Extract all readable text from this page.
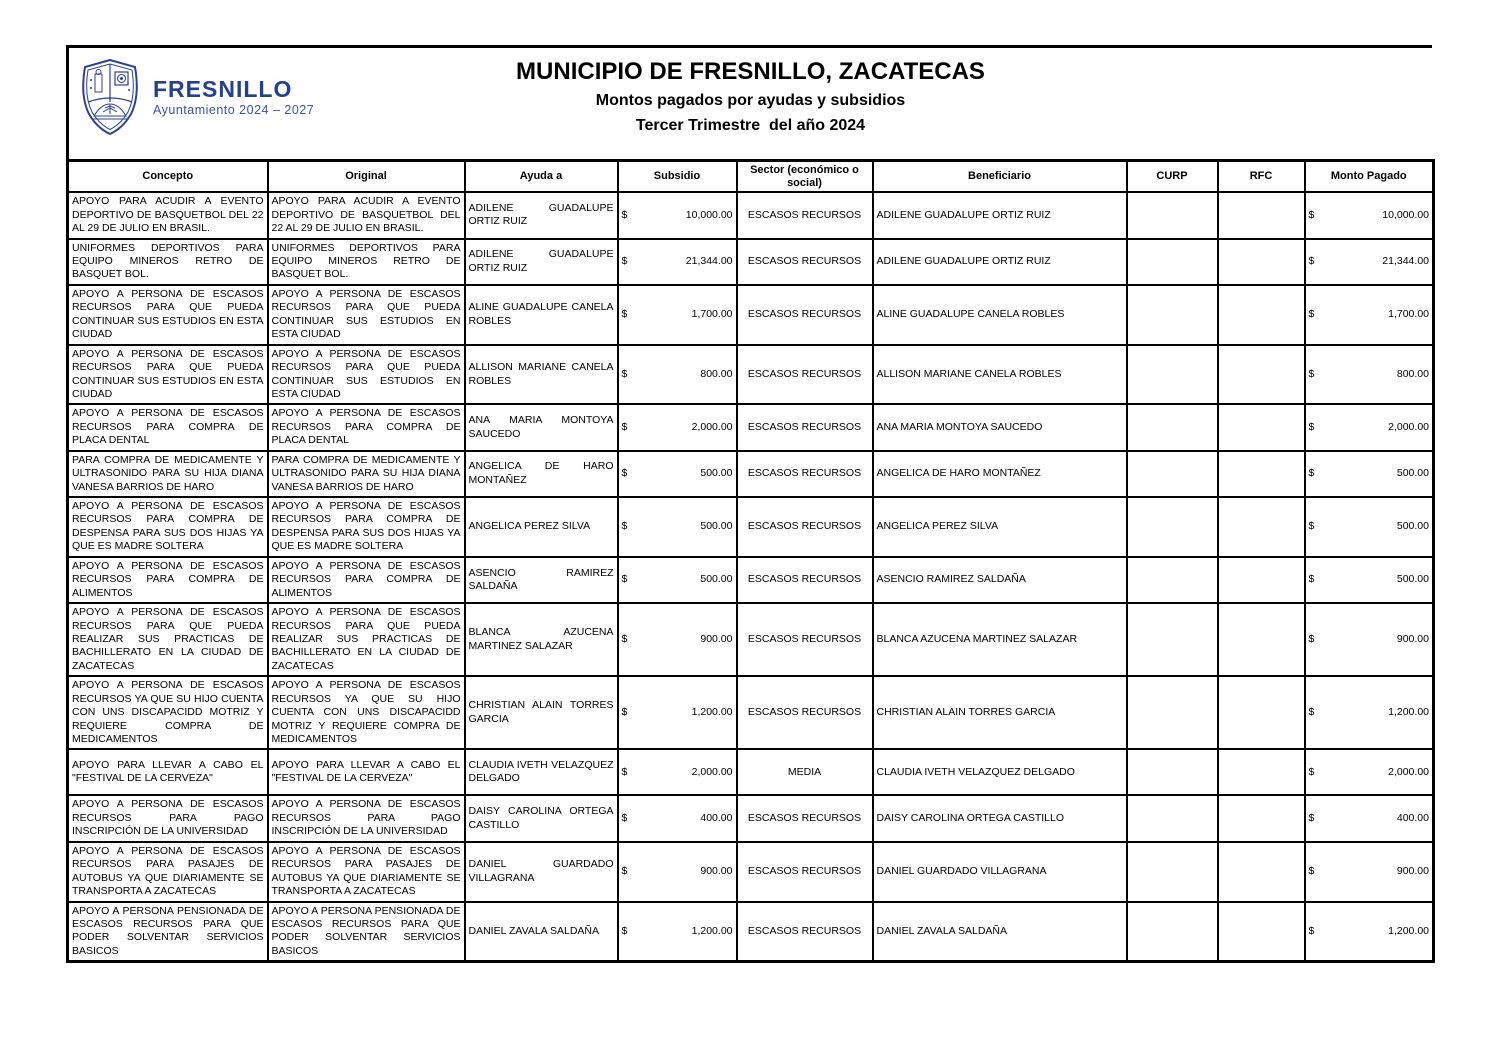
FRESNILLO
Ayuntamiento 2024 – 2027
MUNICIPIO DE FRESNILLO, ZACATECAS
Montos pagados por ayudas y subsidios
Tercer Trimestre  del año 2024
Concepto	Original	Ayuda a	Subsidio	Sector (económico o social)	Beneficiario	CURP	RFC	Monto Pagado
APOYO PARA ACUDIR A EVENTO DEPORTIVO DE BASQUETBOL DEL 22 AL 29 DE JULIO EN BRASIL.	APOYO PARA ACUDIR A EVENTO DEPORTIVO DE BASQUETBOL DEL 22 AL 29 DE JULIO EN BRASIL.	ADILENE GUADALUPE ORTIZ RUIZ	$ 10,000.00	ESCASOS RECURSOS	ADILENE GUADALUPE ORTIZ RUIZ			$ 10,000.00

UNIFORMES DEPORTIVOS PARA EQUIPO MINEROS RETRO DE BASQUET BOL.	UNIFORMES DEPORTIVOS PARA EQUIPO MINEROS RETRO DE BASQUET BOL.	ADILENE GUADALUPE ORTIZ RUIZ	$ 21,344.00	ESCASOS RECURSOS	ADILENE GUADALUPE ORTIZ RUIZ			$ 21,344.00

APOYO A PERSONA DE ESCASOS RECURSOS PARA QUE PUEDA CONTINUAR SUS ESTUDIOS EN ESTA CIUDAD	APOYO A PERSONA DE ESCASOS RECURSOS PARA QUE PUEDA CONTINUAR SUS ESTUDIOS EN ESTA CIUDAD	ALINE GUADALUPE CANELA ROBLES	$ 1,700.00	ESCASOS RECURSOS	ALINE GUADALUPE CANELA ROBLES			$ 1,700.00

APOYO A PERSONA DE ESCASOS RECURSOS PARA QUE PUEDA CONTINUAR SUS ESTUDIOS EN ESTA CIUDAD	APOYO A PERSONA DE ESCASOS RECURSOS PARA QUE PUEDA CONTINUAR SUS ESTUDIOS EN ESTA CIUDAD	ALLISON MARIANE CANELA ROBLES	$ 800.00	ESCASOS RECURSOS	ALLISON MARIANE CANELA ROBLES			$ 800.00

APOYO A PERSONA DE ESCASOS RECURSOS PARA COMPRA DE PLACA DENTAL	APOYO A PERSONA DE ESCASOS RECURSOS PARA COMPRA DE PLACA DENTAL	ANA MARIA MONTOYA SAUCEDO	$ 2,000.00	ESCASOS RECURSOS	ANA MARIA MONTOYA SAUCEDO			$ 2,000.00

PARA COMPRA DE MEDICAMENTE Y ULTRASONIDO PARA SU HIJA DIANA VANESA BARRIOS DE HARO	PARA COMPRA DE MEDICAMENTE Y ULTRASONIDO PARA SU HIJA DIANA VANESA BARRIOS DE HARO	ANGELICA DE HARO MONTAÑEZ	$ 500.00	ESCASOS RECURSOS	ANGELICA DE HARO MONTAÑEZ			$ 500.00

APOYO A PERSONA DE ESCASOS RECURSOS PARA COMPRA DE DESPENSA PARA SUS DOS HIJAS YA QUE ES MADRE SOLTERA	APOYO A PERSONA DE ESCASOS RECURSOS PARA COMPRA DE DESPENSA PARA SUS DOS HIJAS YA QUE ES MADRE SOLTERA	ANGELICA PEREZ SILVA	$ 500.00	ESCASOS RECURSOS	ANGELICA PEREZ SILVA			$ 500.00

APOYO A PERSONA DE ESCASOS RECURSOS PARA COMPRA DE ALIMENTOS	APOYO A PERSONA DE ESCASOS RECURSOS PARA COMPRA DE ALIMENTOS	ASENCIO RAMIREZ SALDAÑA	$ 500.00	ESCASOS RECURSOS	ASENCIO RAMIREZ SALDAÑA			$ 500.00

APOYO A PERSONA DE ESCASOS RECURSOS PARA QUE PUEDA REALIZAR SUS PRACTICAS DE BACHILLERATO EN LA CIUDAD DE ZACATECAS	APOYO A PERSONA DE ESCASOS RECURSOS PARA QUE PUEDA REALIZAR SUS PRACTICAS DE BACHILLERATO EN LA CIUDAD DE ZACATECAS	BLANCA AZUCENA MARTINEZ SALAZAR	$ 900.00	ESCASOS RECURSOS	BLANCA AZUCENA MARTINEZ SALAZAR			$ 900.00

APOYO A PERSONA DE ESCASOS RECURSOS YA QUE SU HIJO CUENTA CON UNS DISCAPACIDD MOTRIZ Y REQUIERE COMPRA DE MEDICAMENTOS	APOYO A PERSONA DE ESCASOS RECURSOS YA QUE SU HIJO CUENTA CON UNS DISCAPACIDD MOTRIZ Y REQUIERE COMPRA DE MEDICAMENTOS	CHRISTIAN ALAIN TORRES GARCIA	$ 1,200.00	ESCASOS RECURSOS	CHRISTIAN ALAIN TORRES GARCIA			$ 1,200.00

APOYO PARA LLEVAR A CABO EL "FESTIVAL DE LA CERVEZA"	APOYO PARA LLEVAR A CABO EL "FESTIVAL DE LA CERVEZA"	CLAUDIA IVETH VELAZQUEZ DELGADO	$ 2,000.00	MEDIA	CLAUDIA IVETH VELAZQUEZ DELGADO			$ 2,000.00

APOYO A PERSONA DE ESCASOS RECURSOS PARA PAGO INSCRIPCIÓN DE LA UNIVERSIDAD	APOYO A PERSONA DE ESCASOS RECURSOS PARA PAGO INSCRIPCIÓN DE LA UNIVERSIDAD	DAISY CAROLINA ORTEGA CASTILLO	$ 400.00	ESCASOS RECURSOS	DAISY CAROLINA ORTEGA CASTILLO			$ 400.00

APOYO A PERSONA DE ESCASOS RECURSOS PARA PASAJES DE AUTOBUS YA QUE DIARIAMENTE SE TRANSPORTA A ZACATECAS	APOYO A PERSONA DE ESCASOS RECURSOS PARA PASAJES DE AUTOBUS YA QUE DIARIAMENTE SE TRANSPORTA A ZACATECAS	DANIEL GUARDADO VILLAGRANA	$ 900.00	ESCASOS RECURSOS	DANIEL GUARDADO VILLAGRANA			$ 900.00

APOYO A PERSONA PENSIONADA DE ESCASOS RECURSOS PARA QUE PODER SOLVENTAR SERVICIOS BASICOS	APOYO A PERSONA PENSIONADA DE ESCASOS RECURSOS PARA QUE PODER SOLVENTAR SERVICIOS BASICOS	DANIEL ZAVALA SALDAÑA	$ 1,200.00	ESCASOS RECURSOS	DANIEL ZAVALA SALDAÑA			$ 1,200.00
